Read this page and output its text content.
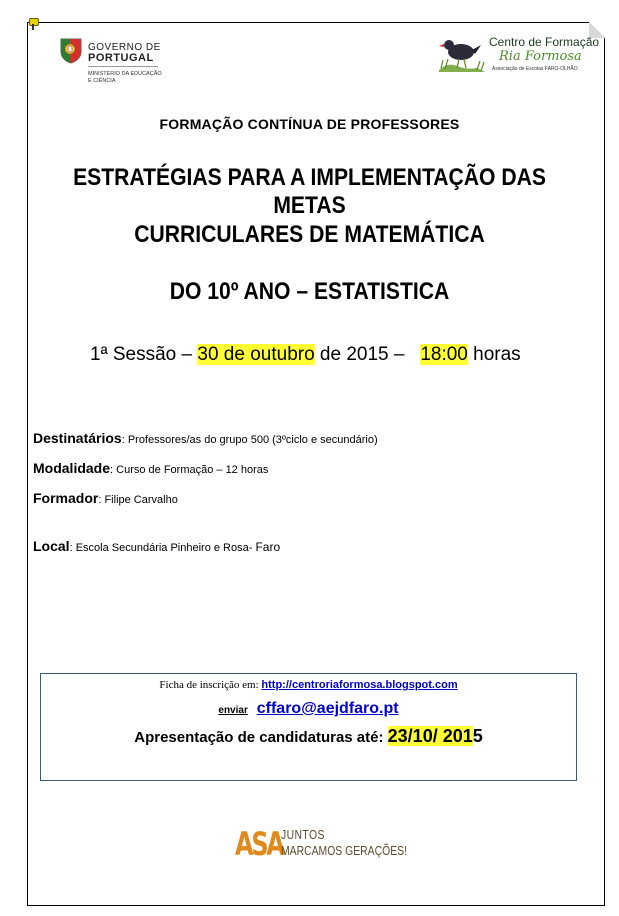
GOVERNO DE
PORTUGAL
MINISTÉRIO DA EDUCAÇÃO
E CIÊNCIA
Centro de Formação
Ria Formosa
Associação de Escolas FARO-OLHÃO
FORMAÇÃO CONTÍNUA DE PROFESSORES
ESTRATÉGIAS PARA A IMPLEMENTAÇÃO DAS METAS
CURRICULARES DE MATEMÁTICA
DO 10º ANO – ESTATISTICA
1ª Sessão – 30 de outubro de 2015 – 18:00 horas
Destinatários: Professores/as do grupo 500 (3ºciclo e secundário)
Modalidade: Curso de Formação – 12 horas
Formador: Filipe Carvalho
Local: Escola Secundária Pinheiro e Rosa- Faro
Ficha de inscrição em: http://centroriaformosa.blogspot.com
enviar cffaro@aejdfaro.pt
Apresentação de candidaturas até: 23/10/ 2015
ASA
JUNTOS
MARCAMOS GERAÇÕES!
